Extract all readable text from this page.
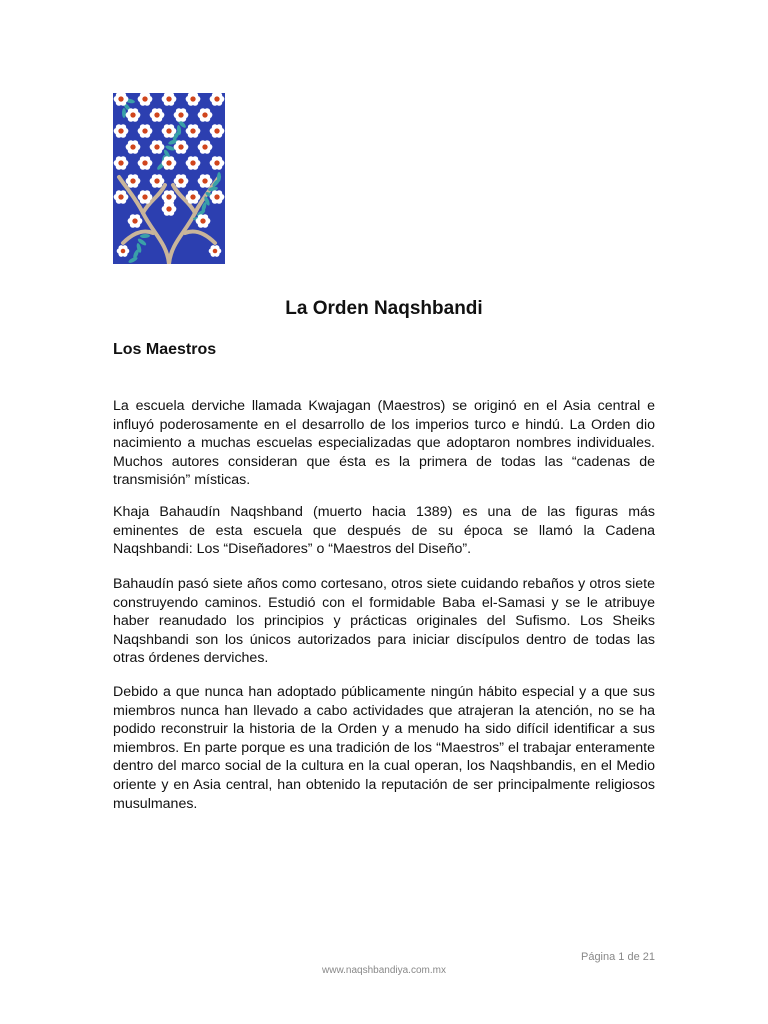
La Orden Naqshbandi
Los Maestros

La escuela derviche llamada Kwajagan (Maestros) se originó en el Asia central e influyó poderosamente en el desarrollo de los imperios turco e hindú. La Orden dio nacimiento a muchas escuelas especializadas que adoptaron nombres individuales. Muchos autores consideran que ésta es la primera de todas las “cadenas de transmisión” místicas.

Khaja Bahaudín Naqshband (muerto hacia 1389) es una de las figuras más eminentes de esta escuela que después de su época se llamó la Cadena Naqshbandi: Los “Diseñadores” o “Maestros del Diseño”.

Bahaudín pasó siete años como cortesano, otros siete cuidando rebaños y otros siete construyendo caminos. Estudió con el formidable Baba el-Samasi y se le atribuye haber reanudado los principios y prácticas originales del Sufismo. Los Sheiks Naqshbandi son los únicos autorizados para iniciar discípulos dentro de todas las otras órdenes derviches.

Debido a que nunca han adoptado públicamente ningún hábito especial y a que sus miembros nunca han llevado a cabo actividades que atrajeran la atención, no se ha podido reconstruir la historia de la Orden y a menudo ha sido difícil identificar a sus miembros. En parte porque es una tradición de los “Maestros” el trabajar enteramente dentro del marco social de la cultura en la cual operan, los Naqshbandis, en el Medio oriente y en Asia central, han obtenido la reputación de ser principalmente religiosos musulmanes.

Página 1 de 21
www.naqshbandiya.com.mx
